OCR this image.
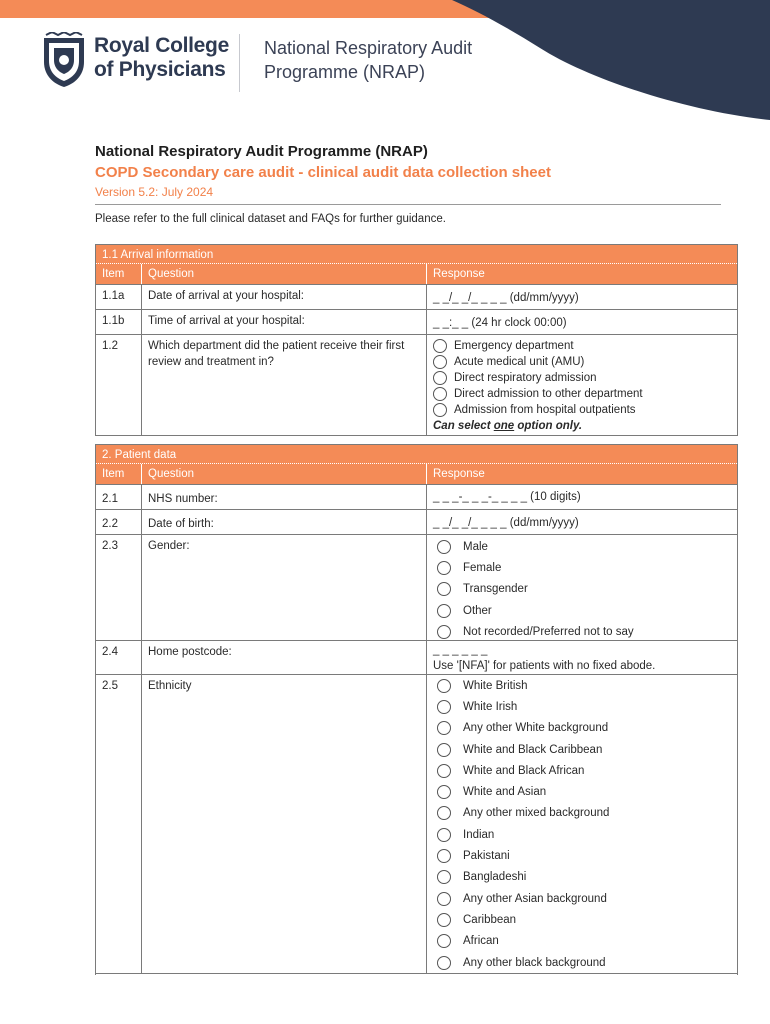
Royal College
of Physicians
National Respiratory Audit
Programme (NRAP)
National Respiratory Audit Programme (NRAP)
COPD Secondary care audit - clinical audit data collection sheet
Version 5.2: July 2024
Please refer to the full clinical dataset and FAQs for further guidance.
1.1 Arrival information
Item	Question	Response
1.1a	Date of arrival at your hospital:	_ _/_ _/_ _ _ _ (dd/mm/yyyy)
1.1b	Time of arrival at your hospital:	_ _:_ _ (24 hr clock 00:00)
1.2	Which department did the patient receive their first review and treatment in?
Emergency department
Acute medical unit (AMU)
Direct respiratory admission
Direct admission to other department
Admission from hospital outpatients
Can select one option only.
2. Patient data
Item	Question	Response
2.1	NHS number:	_ _ _-_ _ _-_ _ _ _ (10 digits)
2.2	Date of birth:	_ _/_ _/_ _ _ _ (dd/mm/yyyy)
2.3	Gender:	Male
Female
Transgender
Other
Not recorded/Preferred not to say
2.4	Home postcode:	_ _ _ _ _ _
Use '[NFA]' for patients with no fixed abode.
2.5	Ethnicity	White British
White Irish
Any other White background
White and Black Caribbean
White and Black African
White and Asian
Any other mixed background
Indian
Pakistani
Bangladeshi
Any other Asian background
Caribbean
African
Any other black background
